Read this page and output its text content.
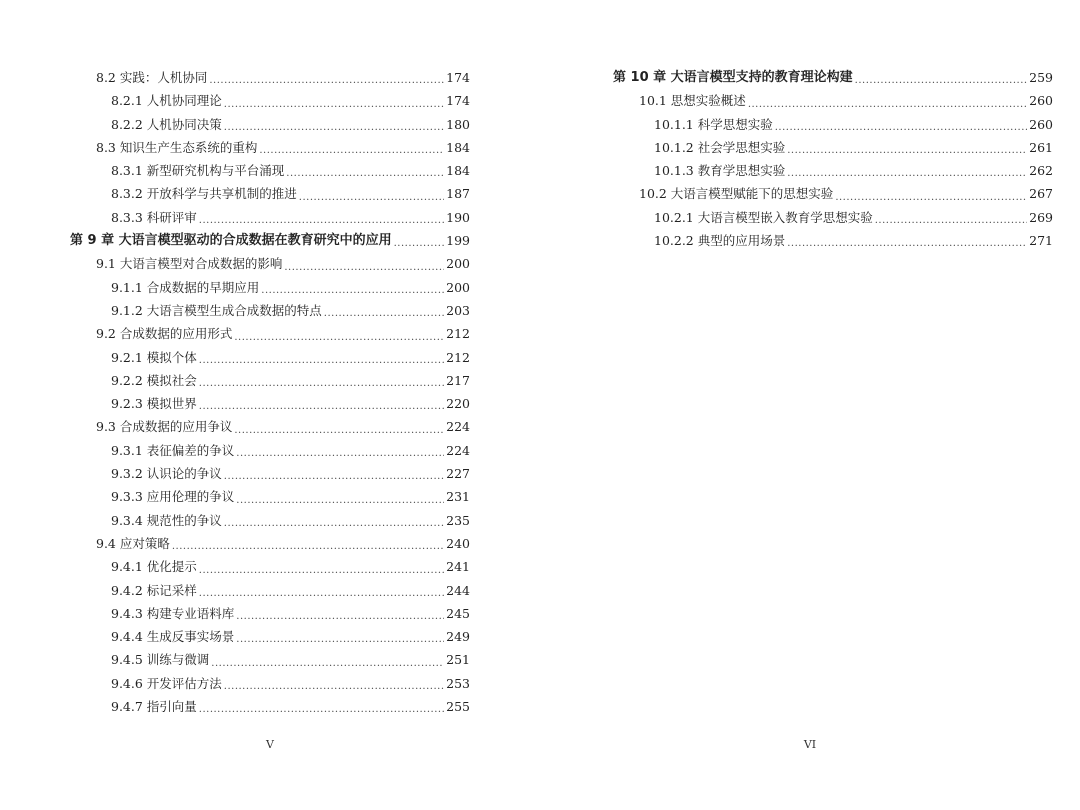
8.2 实践：人机协同 .....	174
8.2.1 人机协同理论 .....	174
8.2.2 人机协同决策 .....	180
8.3 知识生产生态系统的重构 .....	184
8.3.1 新型研究机构与平台涌现 .....	184
8.3.2 开放科学与共享机制的推进 .....	187
8.3.3 科研评审 .....	190
第 9 章 大语言模型驱动的合成数据在教育研究中的应用 .....	199
9.1 大语言模型对合成数据的影响 .....	200
9.1.1 合成数据的早期应用 .....	200
9.1.2 大语言模型生成合成数据的特点 .....	203
9.2 合成数据的应用形式 .....	212
9.2.1 模拟个体 .....	212
9.2.2 模拟社会 .....	217
9.2.3 模拟世界 .....	220
9.3 合成数据的应用争议 .....	224
9.3.1 表征偏差的争议 .....	224
9.3.2 认识论的争议 .....	227
9.3.3 应用伦理的争议 .....	231
9.3.4 规范性的争议 .....	235
9.4 应对策略 .....	240
9.4.1 优化提示 .....	241
9.4.2 标记采样 .....	244
9.4.3 构建专业语料库 .....	245
9.4.4 生成反事实场景 .....	249
9.4.5 训练与微调 .....	251
9.4.6 开发评估方法 .....	253
9.4.7 指引向量 .....	255
V
第 10 章 大语言模型支持的教育理论构建 .....	259
10.1 思想实验概述 .....	260
10.1.1 科学思想实验 .....	260
10.1.2 社会学思想实验 .....	261
10.1.3 教育学思想实验 .....	262
10.2 大语言模型赋能下的思想实验 .....	267
10.2.1 大语言模型嵌入教育学思想实验 .....	269
10.2.2 典型的应用场景 .....	271
VI
